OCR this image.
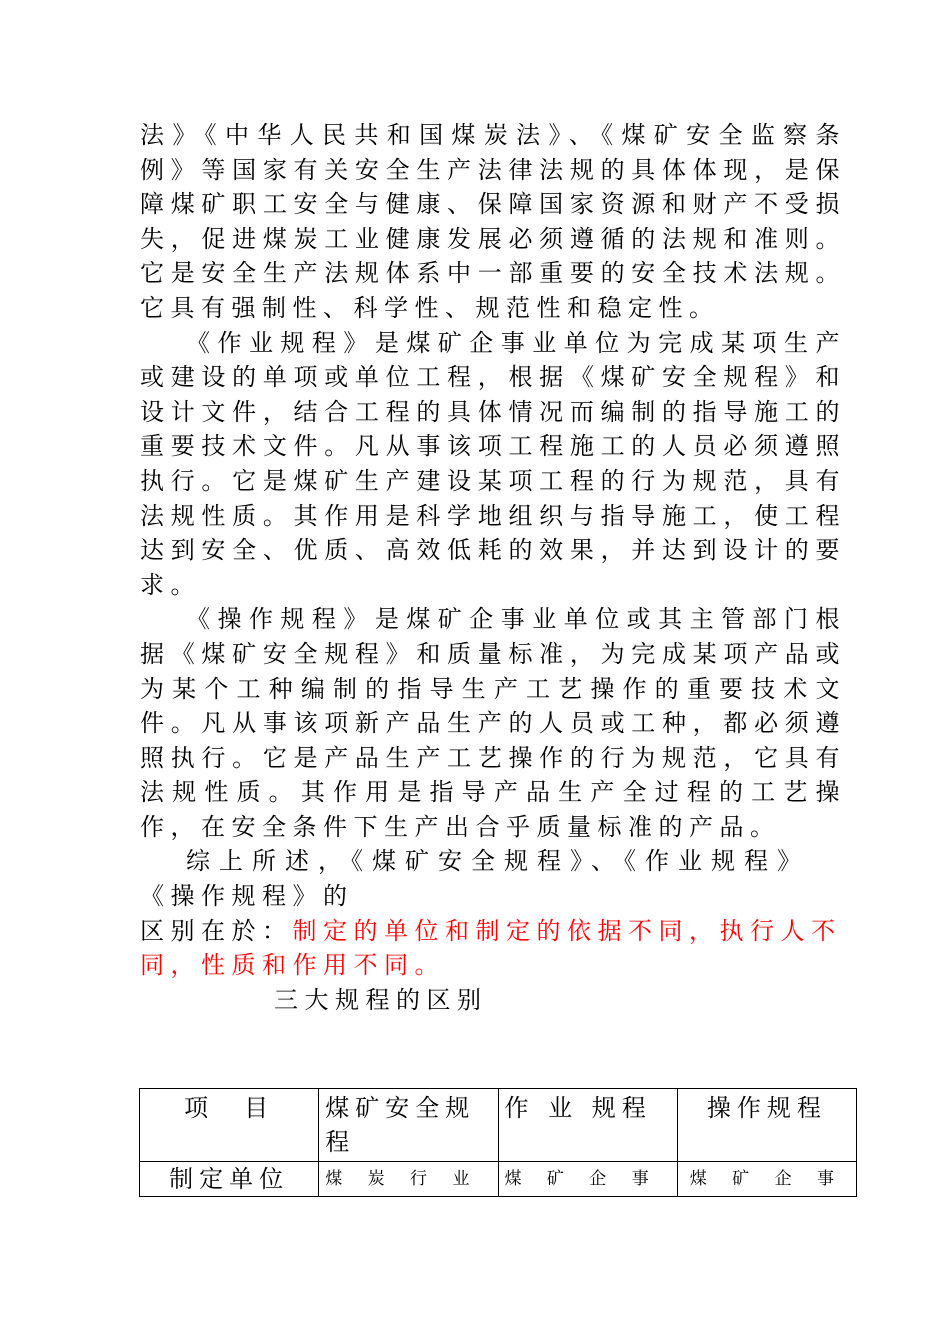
法》《中华人民共和国煤炭法》、《煤矿安全监察条例》等国家有关安全生产法律法规的具体体现，是保障煤矿职工安全与健康、保障国家资源和财产不受损失，促进煤炭工业健康发展必须遵循的法规和准则。它是安全生产法规体系中一部重要的安全技术法规。它具有强制性、科学性、规范性和稳定性。

《作业规程》是煤矿企事业单位为完成某项生产或建设的单项或单位工程，根据《煤矿安全规程》和设计文件，结合工程的具体情况而编制的指导施工的重要技术文件。凡从事该项工程施工的人员必须遵照执行。它是煤矿生产建设某项工程的行为规范，具有法规性质。其作用是科学地组织与指导施工，使工程达到安全、优质、高效低耗的效果，并达到设计的要求。

《操作规程》是煤矿企事业单位或其主管部门根据《煤矿安全规程》和质量标准，为完成某项产品或为某个工种编制的指导生产工艺操作的重要技术文件。凡从事该项新产品生产的人员或工种，都必须遵照执行。它是产品生产工艺操作的行为规范，它具有法规性质。其作用是指导产品生产全过程的工艺操作，在安全条件下生产出合乎质量标准的产品。

综上所述，《煤矿安全规程》、《作业规程》

《操作规程》的

区别在於：制定的单位和制定的依据不同，执行人不同，性质和作用不同。

三大规程的区别

项　目	煤矿安全规程	作 业 规程	操作规程
制定单位	煤 炭 行 业	煤 矿 企 事	煤 矿 企 事
